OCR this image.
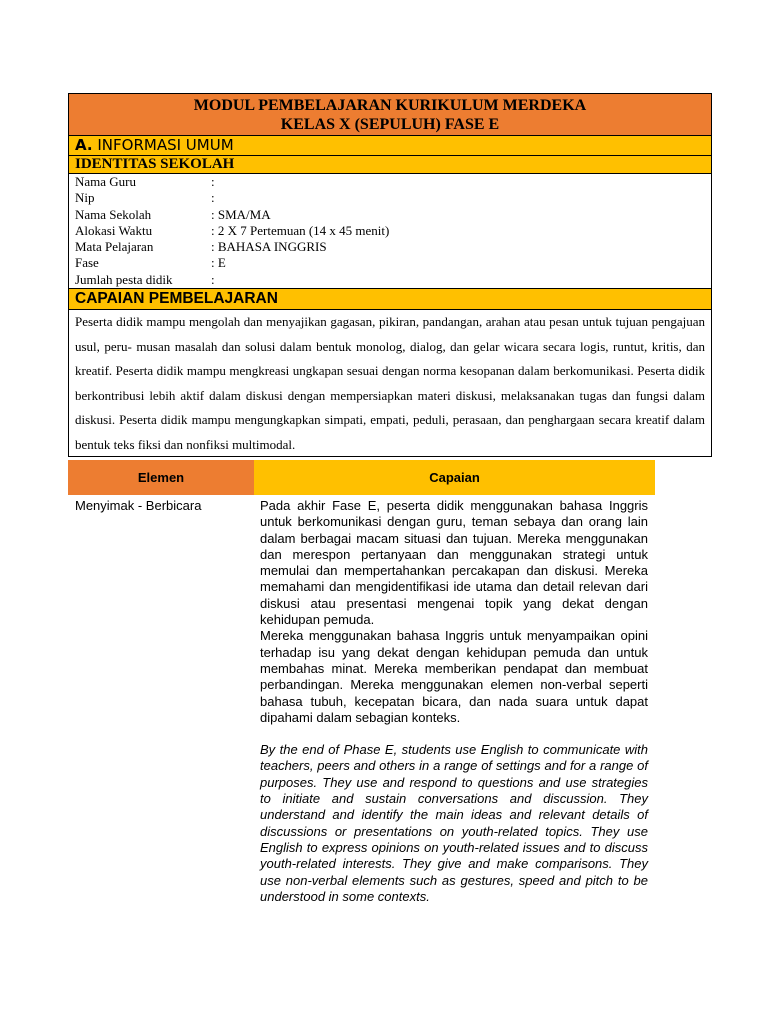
MODUL PEMBELAJARAN KURIKULUM MERDEKA
KELAS X (SEPULUH) FASE E
A. INFORMASI UMUM
IDENTITAS SEKOLAH
Nama Guru	:
Nip	:
Nama Sekolah	: SMA/MA
Alokasi Waktu	: 2 X 7 Pertemuan (14 x 45 menit)
Mata Pelajaran	: BAHASA INGGRIS
Fase	: E
Jumlah pesta didik	:
CAPAIAN PEMBELAJARAN
Peserta didik mampu mengolah dan menyajikan gagasan, pikiran, pandangan, arahan atau pesan untuk tujuan pengajuan usul, peru- musan masalah dan solusi dalam bentuk monolog, dialog, dan gelar wicara secara logis, runtut, kritis, dan kreatif. Peserta didik mampu mengkreasi ungkapan sesuai dengan norma kesopanan dalam berkomunikasi. Peserta didik berkontribusi lebih aktif dalam diskusi dengan mempersiapkan materi diskusi, melaksanakan tugas dan fungsi dalam diskusi. Peserta didik mampu mengungkapkan simpati, empati, peduli, perasaan, dan penghargaan secara kreatif dalam bentuk teks fiksi dan nonfiksi multimodal.
Elemen	Capaian
Menyimak - Berbicara	Pada akhir Fase E, peserta didik menggunakan bahasa Inggris untuk berkomunikasi dengan guru, teman sebaya dan orang lain dalam berbagai macam situasi dan tujuan. Mereka menggunakan dan merespon pertanyaan dan menggunakan strategi untuk memulai dan mempertahankan percakapan dan diskusi. Mereka memahami dan mengidentifikasi ide utama dan detail relevan dari diskusi atau presentasi mengenai topik yang dekat dengan kehidupan pemuda.

Mereka menggunakan bahasa Inggris untuk menyampaikan opini terhadap isu yang dekat dengan kehidupan pemuda dan untuk membahas minat. Mereka memberikan pendapat dan membuat perbandingan. Mereka menggunakan elemen non-verbal seperti bahasa tubuh, kecepatan bicara, dan nada suara untuk dapat dipahami dalam sebagian konteks.

By the end of Phase E, students use English to communicate with teachers, peers and others in a range of settings and for a range of purposes. They use and respond to questions and use strategies to initiate and sustain conversations and discussion. They understand and identify the main ideas and relevant details of discussions or presentations on youth-related topics. They use English to express opinions on youth-related issues and to discuss youth-related interests. They give and make comparisons. They use non-verbal elements such as gestures, speed and pitch to be understood in some contexts.
